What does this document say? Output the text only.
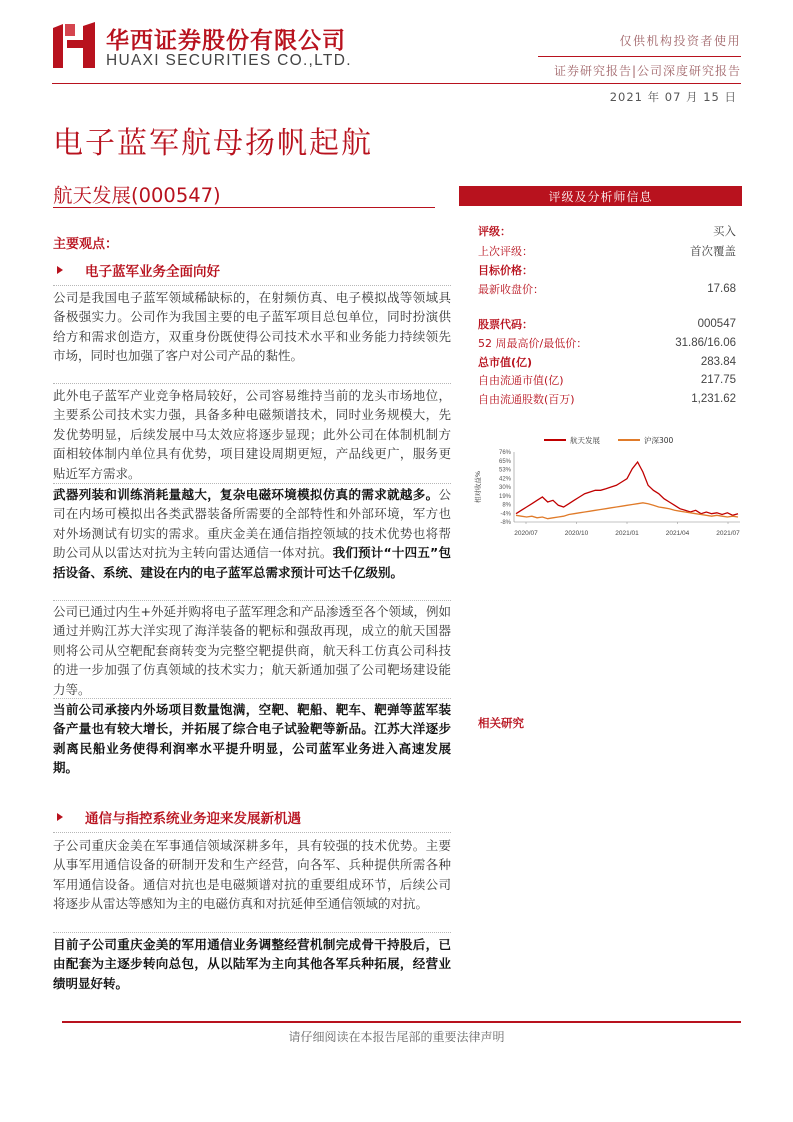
华西证券股份有限公司
HUAXI SECURITIES CO.,LTD.
仅供机构投资者使用
证券研究报告|公司深度研究报告
2021 年 07 月 15 日
电子蓝军航母扬帆起航
航天发展(000547)	评级及分析师信息
评级：	买入
上次评级：	首次覆盖
目标价格：
最新收盘价：	17.68
股票代码：	000547
52 周最高价/最低价：	31.86/16.06
总市值(亿)	283.84
自由流通市值(亿)	217.75
自由流通股数(百万)	1,231.62
航天发展	沪深300
相对收益%
76%
65%
53%
42%
30%
19%
8%
-4%
-8%
2020/07	2020/10	2021/01	2021/04	2021/07
相关研究
主要观点：
电子蓝军业务全面向好
公司是我国电子蓝军领域稀缺标的，在射频仿真、电子模拟战等领域具备极强实力。公司作为我国主要的电子蓝军项目总包单位，同时扮演供给方和需求创造方，双重身份既使得公司技术水平和业务能力持续领先市场，同时也加强了客户对公司产品的黏性。
此外电子蓝军产业竞争格局较好，公司容易维持当前的龙头市场地位，主要系公司技术实力强，具备多种电磁频谱技术，同时业务规模大，先发优势明显，后续发展中马太效应将逐步显现；此外公司在体制机制方面相较体制内单位具有优势，项目建设周期更短，产品线更广，服务更贴近军方需求。
武器列装和训练消耗量越大，复杂电磁环境模拟仿真的需求就越多。公司在内场可模拟出各类武器装备所需要的全部特性和外部环境，军方也对外场测试有切实的需求。重庆金美在通信指控领域的技术优势也将帮助公司从以雷达对抗为主转向雷达通信一体对抗。我们预计“十四五”包括设备、系统、建设在内的电子蓝军总需求预计可达千亿级别。
公司已通过内生+外延并购将电子蓝军理念和产品渗透至各个领域，例如通过并购江苏大洋实现了海洋装备的靶标和强敌再现，成立的航天国器则将公司从空靶配套商转变为完整空靶提供商，航天科工仿真公司科技的进一步加强了仿真领域的技术实力；航天新通加强了公司靶场建设能力等。
当前公司承接内外场项目数量饱满，空靶、靶船、靶车、靶弹等蓝军装备产量也有较大增长，并拓展了综合电子试验靶等新品。江苏大洋逐步剥离民船业务使得利润率水平提升明显，公司蓝军业务进入高速发展期。
通信与指控系统业务迎来发展新机遇
子公司重庆金美在军事通信领域深耕多年，具有较强的技术优势。主要从事军用通信设备的研制开发和生产经营，向各军、兵种提供所需各种军用通信设备。通信对抗也是电磁频谱对抗的重要组成环节，后续公司将逐步从雷达等感知为主的电磁仿真和对抗延伸至通信领域的对抗。
目前子公司重庆金美的军用通信业务调整经营机制完成骨干持股后，已由配套为主逐步转向总包，从以陆军为主向其他各军兵种拓展，经营业绩明显好转。
请仔细阅读在本报告尾部的重要法律声明
